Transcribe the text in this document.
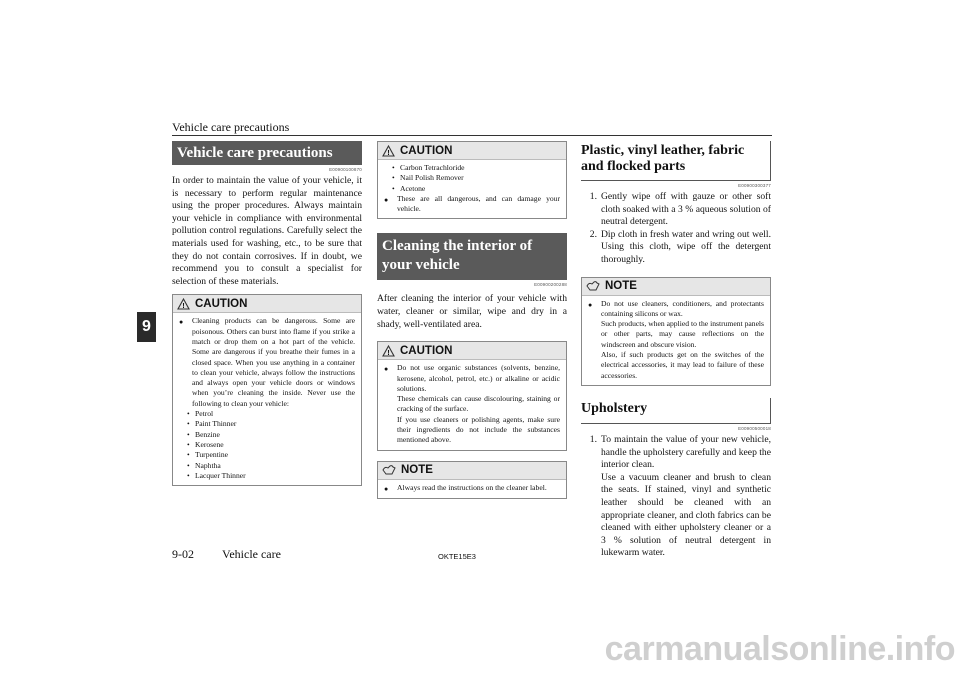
Vehicle care precautions
9
Vehicle care precautions
E00900100870

In order to maintain the value of your vehicle, it is necessary to perform regular maintenance using the proper procedures. Always maintain your vehicle in compliance with environmental pollution control regulations. Carefully select the materials used for washing, etc., to be sure that they do not contain corrosives. If in doubt, we recommend you to consult a specialist for selection of these materials.

! CAUTION
●	Cleaning products can be dangerous. Some are poisonous. Others can burst into flame if you strike a match or drop them on a hot part of the vehicle. Some are dangerous if you breathe their fumes in a closed space. When you use anything in a container to clean your vehicle, always follow the instructions and always open your vehicle doors or windows when you’re cleaning the inside. Never use the following to clean your vehicle:
• Petrol
• Paint Thinner
• Benzine
• Kerosene
• Turpentine
• Naphtha
• Lacquer Thinner
! CAUTION
• Carbon Tetrachloride
• Nail Polish Remover
• Acetone
●	These are all dangerous, and can damage your vehicle.
Cleaning the interior of your vehicle
E00900200288

After cleaning the interior of your vehicle with water, cleaner or similar, wipe and dry in a shady, well-ventilated area.

! CAUTION
●	Do not use organic substances (solvents, benzine, kerosene, alcohol, petrol, etc.) or alkaline or acidic solutions.
These chemicals can cause discolouring, staining or cracking of the surface.
If you use cleaners or polishing agents, make sure their ingredients do not include the substances mentioned above.
NOTE
●	Always read the instructions on the cleaner label.
Plastic, vinyl leather, fabric and flocked parts
E00900300377
1. Gently wipe off with gauze or other soft cloth soaked with a 3 % aqueous solution of neutral detergent.
2. Dip cloth in fresh water and wring out well. Using this cloth, wipe off the detergent thoroughly.
NOTE
●	Do not use cleaners, conditioners, and protectants containing silicons or wax.
Such products, when applied to the instrument panels or other parts, may cause reflections on the windscreen and obscure vision.
Also, if such products get on the switches of the electrical accessories, it may lead to failure of these accessories.
Upholstery
E00900500018
1. To maintain the value of your new vehicle, handle the upholstery carefully and keep the interior clean.
Use a vacuum cleaner and brush to clean the seats. If stained, vinyl and synthetic leather should be cleaned with an appropriate cleaner, and cloth fabrics can be cleaned with either upholstery cleaner or a 3 % solution of neutral detergent in lukewarm water.
9-02 Vehicle care	OKTE15E3
carmanualsonline.info
